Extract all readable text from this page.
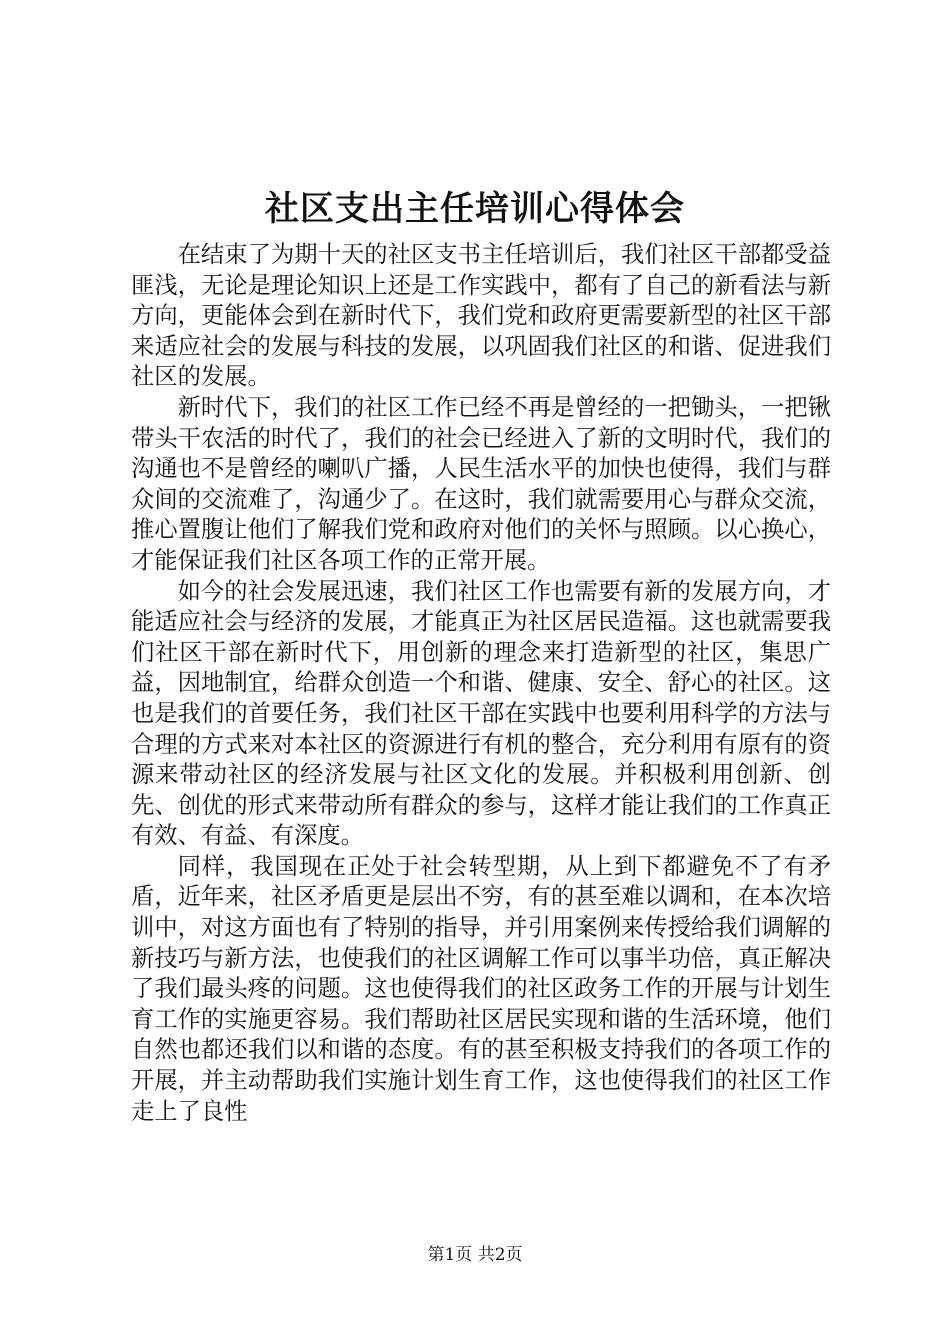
社区支出主任培训心得体会

在结束了为期十天的社区支书主任培训后，我们社区干部都受益匪浅，无论是理论知识上还是工作实践中，都有了自己的新看法与新方向，更能体会到在新时代下，我们党和政府更需要新型的社区干部来适应社会的发展与科技的发展，以巩固我们社区的和谐、促进我们社区的发展。

新时代下，我们的社区工作已经不再是曾经的一把锄头，一把锹带头干农活的时代了，我们的社会已经进入了新的文明时代，我们的沟通也不是曾经的喇叭广播，人民生活水平的加快也使得，我们与群众间的交流难了，沟通少了。在这时，我们就需要用心与群众交流，推心置腹让他们了解我们党和政府对他们的关怀与照顾。以心换心，才能保证我们社区各项工作的正常开展。

如今的社会发展迅速，我们社区工作也需要有新的发展方向，才能适应社会与经济的发展，才能真正为社区居民造福。这也就需要我们社区干部在新时代下，用创新的理念来打造新型的社区，集思广益，因地制宜，给群众创造一个和谐、健康、安全、舒心的社区。这也是我们的首要任务，我们社区干部在实践中也要利用科学的方法与合理的方式来对本社区的资源进行有机的整合，充分利用有原有的资源来带动社区的经济发展与社区文化的发展。并积极利用创新、创先、创优的形式来带动所有群众的参与，这样才能让我们的工作真正有效、有益、有深度。

同样，我国现在正处于社会转型期，从上到下都避免不了有矛盾，近年来，社区矛盾更是层出不穷，有的甚至难以调和，在本次培训中，对这方面也有了特别的指导，并引用案例来传授给我们调解的新技巧与新方法，也使我们的社区调解工作可以事半功倍，真正解决了我们最头疼的问题。这也使得我们的社区政务工作的开展与计划生育工作的实施更容易。我们帮助社区居民实现和谐的生活环境，他们自然也都还我们以和谐的态度。有的甚至积极支持我们的各项工作的开展，并主动帮助我们实施计划生育工作，这也使得我们的社区工作走上了良性

第1页 共2页
